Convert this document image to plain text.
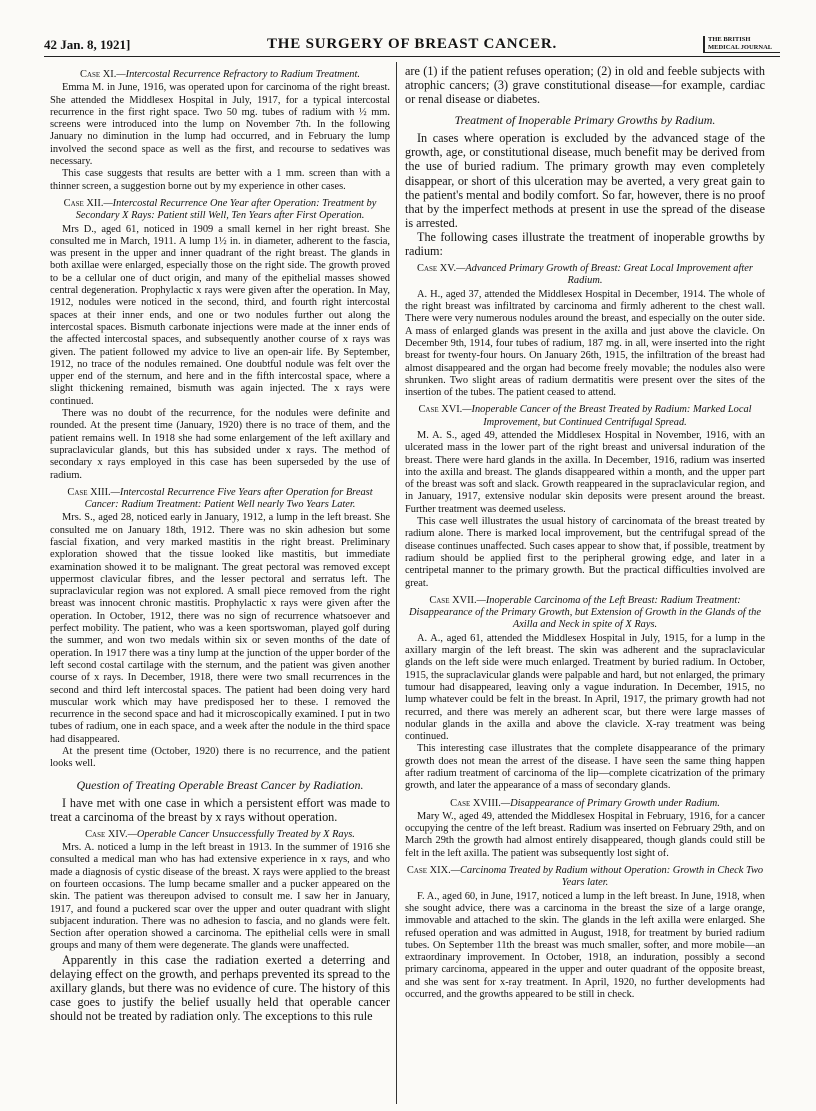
42 Jan. 8, 1921]	THE SURGERY OF BREAST CANCER.	THE BRITISH MEDICAL JOURNAL
Case XI.—Intercostal Recurrence Refractory to Radium Treatment.

Emma M. in June, 1916, was operated upon for carcinoma of the right breast. She attended the Middlesex Hospital in July, 1917, for a typical intercostal recurrence in the first right space. Two 50 mg. tubes of radium with ½ mm. screens were introduced into the lump on November 7th. In the following January no diminution in the lump had occurred, and in February the lump involved the second space as well as the first, and recourse to sedatives was necessary.

This case suggests that results are better with a 1 mm. screen than with a thinner screen, a suggestion borne out by my experience in other cases.

Case XII.—Intercostal Recurrence One Year after Operation: Treatment by Secondary X Rays: Patient still Well, Ten Years after First Operation.

Mrs D., aged 61, noticed in 1909 a small kernel in her right breast. She consulted me in March, 1911. A lump 1½ in. in diameter, adherent to the fascia, was present in the upper and inner quadrant of the right breast. The glands in both axillae were enlarged, especially those on the right side. The growth proved to be a cellular one of duct origin, and many of the epithelial masses showed central degeneration. Prophylactic x rays were given after the operation. In May, 1912, nodules were noticed in the second, third, and fourth right intercostal spaces at their inner ends, and one or two nodules further out along the intercostal spaces. Bismuth carbonate injections were made at the inner ends of the affected intercostal spaces, and subsequently another course of x rays was given. The patient followed my advice to live an open-air life. By September, 1912, no trace of the nodules remained. One doubtful nodule was felt over the upper end of the sternum, and here and in the fifth intercostal space, where a slight thickening remained, bismuth was again injected. The x rays were continued.

There was no doubt of the recurrence, for the nodules were definite and rounded. At the present time (January, 1920) there is no trace of them, and the patient remains well. In 1918 she had some enlargement of the left axillary and supraclavicular glands, but this has subsided under x rays. The method of secondary x rays employed in this case has been superseded by the use of radium.

Case XIII.—Intercostal Recurrence Five Years after Operation for Breast Cancer: Radium Treatment: Patient Well nearly Two Years Later.

Mrs. S., aged 28, noticed early in January, 1912, a lump in the left breast. She consulted me on January 18th, 1912. There was no skin adhesion but some fascial fixation, and very marked mastitis in the right breast. Preliminary exploration showed that the tissue looked like mastitis, but immediate examination showed it to be malignant. The great pectoral was removed except uppermost clavicular fibres, and the lesser pectoral and serratus left. The supraclavicular region was not explored. A small piece removed from the right breast was innocent chronic mastitis. Prophylactic x rays were given after the operation. In October, 1912, there was no sign of recurrence whatsoever and perfect mobility. The patient, who was a keen sportswoman, played golf during the summer, and won two medals within six or seven months of the date of operation. In 1917 there was a tiny lump at the junction of the upper border of the left second costal cartilage with the sternum, and the patient was given another course of x rays. In December, 1918, there were two small recurrences in the second and third left intercostal spaces. The patient had been doing very hard muscular work which may have predisposed her to these. I removed the recurrence in the second space and had it microscopically examined. I put in two tubes of radium, one in each space, and a week after the nodule in the third space had disappeared.

At the present time (October, 1920) there is no recurrence, and the patient looks well.

Question of Treating Operable Breast Cancer by Radiation.

I have met with one case in which a persistent effort was made to treat a carcinoma of the breast by x rays without operation.

Case XIV.—Operable Cancer Unsuccessfully Treated by X Rays.

Mrs. A. noticed a lump in the left breast in 1913. In the summer of 1916 she consulted a medical man who has had extensive experience in x rays, and who made a diagnosis of cystic disease of the breast. X rays were applied to the breast on fourteen occasions. The lump became smaller and a pucker appeared on the skin. The patient was thereupon advised to consult me. I saw her in January, 1917, and found a puckered scar over the upper and outer quadrant with slight subjacent induration. There was no adhesion to fascia, and no glands were felt. Section after operation showed a carcinoma. The epithelial cells were in small groups and many of them were degenerate. The glands were unaffected.

Apparently in this case the radiation exerted a deterring and delaying effect on the growth, and perhaps prevented its spread to the axillary glands, but there was no evidence of cure. The history of this case goes to justify the belief usually held that operable cancer should not be treated by radiation only. The exceptions to this rule

are (1) if the patient refuses operation; (2) in old and feeble subjects with atrophic cancers; (3) grave constitutional disease—for example, cardiac or renal disease or diabetes.

Treatment of Inoperable Primary Growths by Radium.

In cases where operation is excluded by the advanced stage of the growth, age, or constitutional disease, much benefit may be derived from the use of buried radium. The primary growth may even completely disappear, or short of this ulceration may be averted, a very great gain to the patient's mental and bodily comfort. So far, however, there is no proof that by the imperfect methods at present in use the spread of the disease is arrested.

The following cases illustrate the treatment of inoperable growths by radium:

Case XV.—Advanced Primary Growth of Breast: Great Local Improvement after Radium.

A. H., aged 37, attended the Middlesex Hospital in December, 1914. The whole of the right breast was infiltrated by carcinoma and firmly adherent to the chest wall. There were very numerous nodules around the breast, and especially on the outer side. A mass of enlarged glands was present in the axilla and just above the clavicle. On December 9th, 1914, four tubes of radium, 187 mg. in all, were inserted into the right breast for twenty-four hours. On January 26th, 1915, the infiltration of the breast had almost disappeared and the organ had become freely movable; the nodules also were shrunken. Two slight areas of radium dermatitis were present over the sites of the insertion of the tubes. The patient ceased to attend.

Case XVI.—Inoperable Cancer of the Breast Treated by Radium: Marked Local Improvement, but Continued Centrifugal Spread.

M. A. S., aged 49, attended the Middlesex Hospital in November, 1916, with an ulcerated mass in the lower part of the right breast and universal induration of the breast. There were hard glands in the axilla. In December, 1916, radium was inserted into the axilla and breast. The glands disappeared within a month, and the upper part of the breast was soft and slack. Growth reappeared in the supraclavicular region, and in January, 1917, extensive nodular skin deposits were present around the breast. Further treatment was deemed useless.

This case well illustrates the usual history of carcinomata of the breast treated by radium alone. There is marked local improvement, but the centrifugal spread of the disease continues unaffected. Such cases appear to show that, if possible, treatment by radium should be applied first to the peripheral growing edge, and later in a centripetal manner to the primary growth. But the practical difficulties involved are great.

Case XVII.—Inoperable Carcinoma of the Left Breast: Radium Treatment: Disappearance of the Primary Growth, but Extension of Growth in the Glands of the Axilla and Neck in spite of X Rays.

A. A., aged 61, attended the Middlesex Hospital in July, 1915, for a lump in the axillary margin of the left breast. The skin was adherent and the supraclavicular glands on the left side were much enlarged. Treatment by buried radium. In October, 1915, the supraclavicular glands were palpable and hard, but not enlarged, the primary tumour had disappeared, leaving only a vague induration. In December, 1915, no lump whatever could be felt in the breast. In April, 1917, the primary growth had not recurred, and there was merely an adherent scar, but there were large masses of nodular glands in the axilla and above the clavicle. X-ray treatment was being continued.

This interesting case illustrates that the complete disappearance of the primary growth does not mean the arrest of the disease. I have seen the same thing happen after radium treatment of carcinoma of the lip—complete cicatrization of the primary growth, and later the appearance of a mass of secondary glands.

Case XVIII.—Disappearance of Primary Growth under Radium.

Mary W., aged 49, attended the Middlesex Hospital in February, 1916, for a cancer occupying the centre of the left breast. Radium was inserted on February 29th, and on March 29th the growth had almost entirely disappeared, though glands could still be felt in the left axilla. The patient was subsequently lost sight of.

Case XIX.—Carcinoma Treated by Radium without Operation: Growth in Check Two Years later.

F. A., aged 60, in June, 1917, noticed a lump in the left breast. In June, 1918, when she sought advice, there was a carcinoma in the breast the size of a large orange, immovable and attached to the skin. The glands in the left axilla were enlarged. She refused operation and was admitted in August, 1918, for treatment by buried radium tubes. On September 11th the breast was much smaller, softer, and more mobile—an extraordinary improvement. In October, 1918, an induration, possibly a second primary carcinoma, appeared in the upper and outer quadrant of the opposite breast, and she was sent for x-ray treatment. In April, 1920, no further developments had occurred, and the growths appeared to be still in check.
